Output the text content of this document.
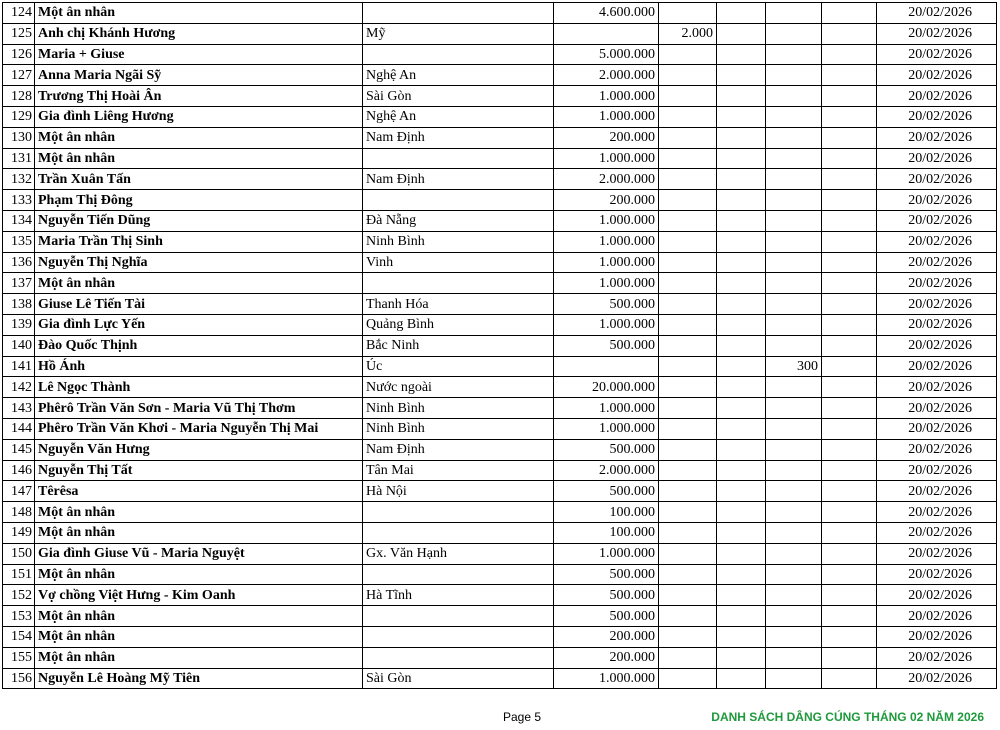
124	Một ân nhân		4.600.000					20/02/2026
125	Anh chị Khánh Hương	Mỹ		2.000				20/02/2026
126	Maria + Giuse		5.000.000					20/02/2026
127	Anna Maria Ngãi Sỹ	Nghệ An	2.000.000					20/02/2026
128	Trương Thị Hoài Ân	Sài Gòn	1.000.000					20/02/2026
129	Gia đình Liêng Hương	Nghệ An	1.000.000					20/02/2026
130	Một ân nhân	Nam Định	200.000					20/02/2026
131	Một ân nhân		1.000.000					20/02/2026
132	Trần Xuân Tấn	Nam Định	2.000.000					20/02/2026
133	Phạm Thị Đông		200.000					20/02/2026
134	Nguyễn Tiến Dũng	Đà Nẵng	1.000.000					20/02/2026
135	Maria Trần Thị Sinh	Ninh Bình	1.000.000					20/02/2026
136	Nguyễn Thị Nghĩa	Vinh	1.000.000					20/02/2026
137	Một ân nhân		1.000.000					20/02/2026
138	Giuse Lê Tiến Tài	Thanh Hóa	500.000					20/02/2026
139	Gia đình Lực Yến	Quảng Bình	1.000.000					20/02/2026
140	Đào Quốc Thịnh	Bắc Ninh	500.000					20/02/2026
141	Hồ Ánh	Úc				300		20/02/2026
142	Lê Ngọc Thành	Nước ngoài	20.000.000					20/02/2026
143	Phêrô Trần Văn Sơn - Maria Vũ Thị Thơm	Ninh Bình	1.000.000					20/02/2026
144	Phêro Trần Văn Khơi - Maria Nguyễn Thị Mai	Ninh Bình	1.000.000					20/02/2026
145	Nguyễn Văn Hưng	Nam Định	500.000					20/02/2026
146	Nguyễn Thị Tất	Tân Mai	2.000.000					20/02/2026
147	Têrêsa	Hà Nội	500.000					20/02/2026
148	Một ân nhân		100.000					20/02/2026
149	Một ân nhân		100.000					20/02/2026
150	Gia đình Giuse Vũ - Maria Nguyệt	Gx. Văn Hạnh	1.000.000					20/02/2026
151	Một ân nhân		500.000					20/02/2026
152	Vợ chồng Việt Hưng - Kim Oanh	Hà Tĩnh	500.000					20/02/2026
153	Một ân nhân		500.000					20/02/2026
154	Một ân nhân		200.000					20/02/2026
155	Một ân nhân		200.000					20/02/2026
156	Nguyễn Lê Hoàng Mỹ Tiên	Sài Gòn	1.000.000					20/02/2026
Page 5	DANH SÁCH DÂNG CÚNG THÁNG 02 NĂM 2026
